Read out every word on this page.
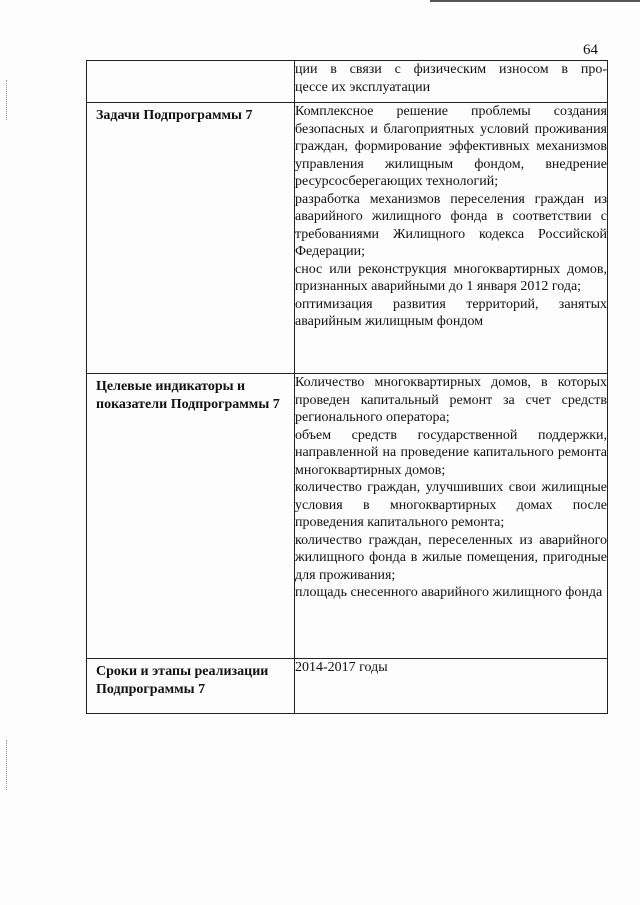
64

	ции в связи с физическим износом в про-
цессе их эксплуатации

Задачи Подпрограммы 7	Комплексное решение проблемы создания безопасных и благоприятных условий проживания граждан, формирование эффективных механизмов управления жилищным фондом, внедрение ресурсосберегающих технологий;
разработка механизмов переселения граждан из аварийного жилищного фонда в соответствии с требованиями Жилищного кодекса Российской Федерации;
снос или реконструкция многоквартирных домов, признанных аварийными до 1 января 2012 года;
оптимизация развития территорий, занятых аварийным жилищным фондом

Целевые индикаторы и показатели Подпрограммы 7	Количество многоквартирных домов, в которых проведен капитальный ремонт за счет средств регионального оператора;
объем средств государственной поддержки, направленной на проведение капитального ремонта многоквартирных домов;
количество граждан, улучшивших свои жилищные условия в многоквартирных домах после проведения капитального ремонта;
количество граждан, переселенных из аварийного жилищного фонда в жилые помещения, пригодные для проживания;
площадь снесенного аварийного жилищного фонда

Сроки и этапы реализации Подпрограммы 7	2014-2017 годы
